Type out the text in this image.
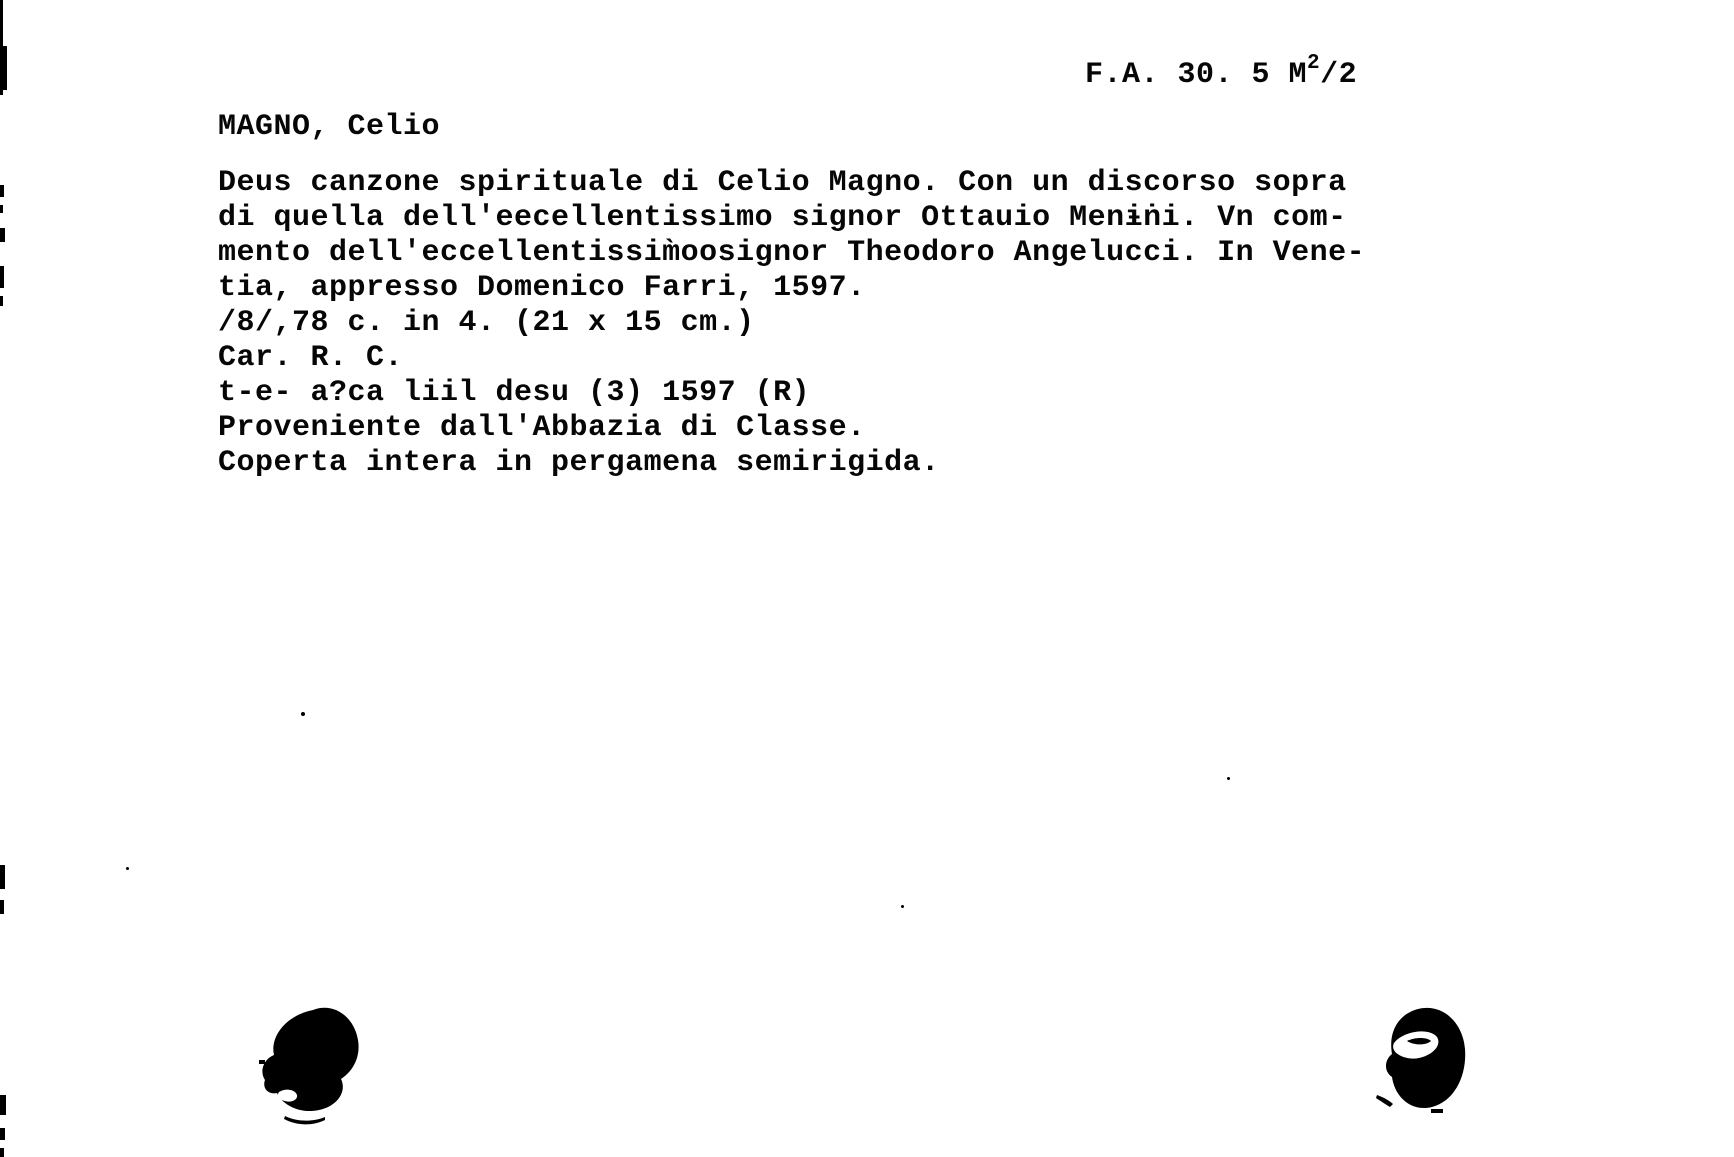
F.A. 30. 5 $M^2/2$
MAGNO, Celio
Deus canzone spirituale di Celio Magno. Con un discorso sopra
di quella dell'eecellentissimo signor Ottauio Menɨṅi. Vn com-
mento dell'eccellentissim̀oosignor Theodoro Angelucci. In Vene-
tia, appresso Domenico Farri, 1597.
/8/,78 c. in 4. (21 x 15 cm.)
Car. R. C.
t-e- a?ca liil desu (3) 1597 (R)
Proveniente dall'Abbazia di Classe.
Coperta intera in pergamena semirigida.
